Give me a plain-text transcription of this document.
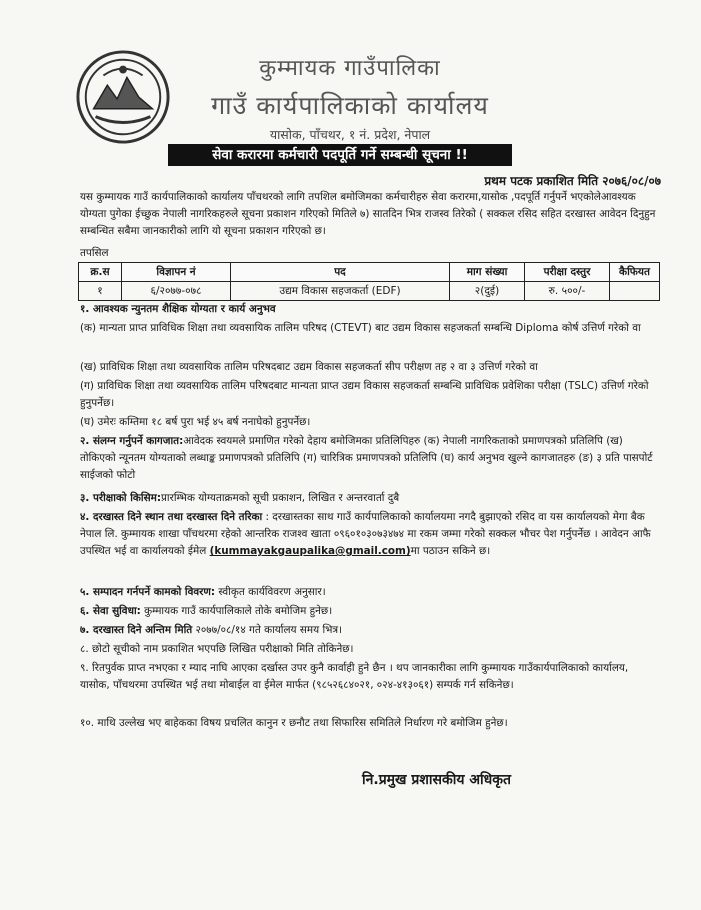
कुम्मायक गाउँपालिका
गाउँ कार्यपालिकाको कार्यालय
यासोक, पाँचथर, १ नं. प्रदेश, नेपाल
सेवा करारमा कर्मचारी पदपूर्ति गर्ने सम्बन्धी सूचना !!
प्रथम पटक प्रकाशित मिति २०७६/०८/०७
यस कुम्मायक गाउँ कार्यपालिकाको कार्यालय पाँचथरको लागि तपशिल बमोजिमका कर्मचारीहरु सेवा करारमा,यासोक ,पदपूर्ति गर्नुपर्ने भएकोलेआवश्यक योग्यता पुगेका ईच्छुक नेपाली नागरिकहरुले सूचना प्रकाशन गरिएको मितिले ७) सातदिन भित्र राजस्व तिरेको ( सक्कल रसिद सहित दरखास्त आवेदन दिनुहुन सम्बन्धित सबैमा जानकारीको लागि यो सूचना प्रकाशन गरिएको छ।
तपसिल
क्र.स	विज्ञापन नं	पद	माग संख्या	परीक्षा दस्तुर	कैफियत
१	६/२०७७-०७८	उद्यम विकास सहजकर्ता (EDF)	२(दुई)	रु. ५००/-	
१. आवश्यक न्युनतम शैक्षिक योग्यता र कार्य अनुभव
(क) मान्यता प्राप्त प्राविधिक शिक्षा तथा व्यवसायिक तालिम परिषद (CTEVT) बाट उद्यम विकास सहजकर्ता सम्बन्धि Diploma कोर्ष उत्तिर्ण गरेको वा
(ख) प्राविधिक शिक्षा तथा व्यवसायिक तालिम परिषदबाट उद्यम विकास सहजकर्ता सीप परीक्षण तह २ वा ३ उत्तिर्ण गरेको वा
(ग) प्राविधिक शिक्षा तथा व्यवसायिक तालिम परिषदबाट मान्यता प्राप्त उद्यम विकास सहजकर्ता सम्बन्धि प्राविधिक प्रवेशिका परीक्षा (TSLC) उत्तिर्ण गरेको हुनुपर्नेछ।
(घ) उमेरः कम्तिमा १८ बर्ष पुरा भई ४५ बर्ष ननाघेको हुनुपर्नेछ।
२. संलग्न गर्नुपर्ने कागजात:आवेदक स्वयमले प्रमाणित गरेको देहाय बमोजिमका प्रतिलिपिहरु (क) नेपाली नागरिकताको प्रमाणपत्रको प्रतिलिपि (ख) तोकिएको न्यूनतम योग्यताको लब्धाङ्क प्रमाणपत्रको प्रतिलिपि (ग) चारित्रिक प्रमाणपत्रको प्रतिलिपि (घ) कार्य अनुभव खुल्ने कागजातहरु (ङ) ३ प्रति पासपोर्ट साईजको फोटो
३. परीक्षाको किसिम:प्रारम्भिक योग्यताक्रमको सूची प्रकाशन, लिखित र अन्तरवार्ता दुबै
४. दरखास्त दिने स्थान तथा दरखास्त दिने तरिका : दरखास्तका साथ गाउँ कार्यपालिकाको कार्यालयमा नगदै बुझाएको रसिद वा यस कार्यालयको मेगा बैक नेपाल लि. कुम्मायक शाखा पाँचथरमा रहेको आन्तरिक राजश्व खाता ०९६०१०३०७३४७४ मा रकम जम्मा गरेको सक्कल भौचर पेश गर्नुपर्नेछ । आवेदन आफै उपस्थित भई वा कार्यालयको ईमेल (kummayakgaupalika@gmail.com)मा पठाउन सकिने छ।
५. सम्पादन गर्नपर्ने कामको विवरण: स्वीकृत कार्यविवरण अनुसार।
६. सेवा सुविधा: कुम्मायक गाउँ कार्यपालिकाले तोके बमोजिम हुनेछ।
७. दरखास्त दिने अन्तिम मिति २०७७/०८/१४ गते कार्यालय समय भित्र।
८. छोटो सूचीको नाम प्रकाशित भएपछि लिखित परीक्षाको मिति तोकिनेछ।
९. रितपुर्वक प्राप्त नभएका र म्याद नाघि आएका दर्खास्त उपर कुनै कार्वाही हुने छैन । थप जानकारीका लागि कुम्मायक गाउँकार्यपालिकाको कार्यालय, यासोक, पाँचथरमा उपस्थित भई तथा मोबाईल वा ईमेल मार्फत (९८५२६८४०२१, ०२४-४१३०६१) सम्पर्क गर्न सकिनेछ।
१०. माथि उल्लेख भए बाहेकका विषय प्रचलित कानुन र छनौट तथा सिफारिस समितिले निर्धारण गरे बमोजिम हुनेछ।
नि.प्रमुख प्रशासकीय अधिकृत
